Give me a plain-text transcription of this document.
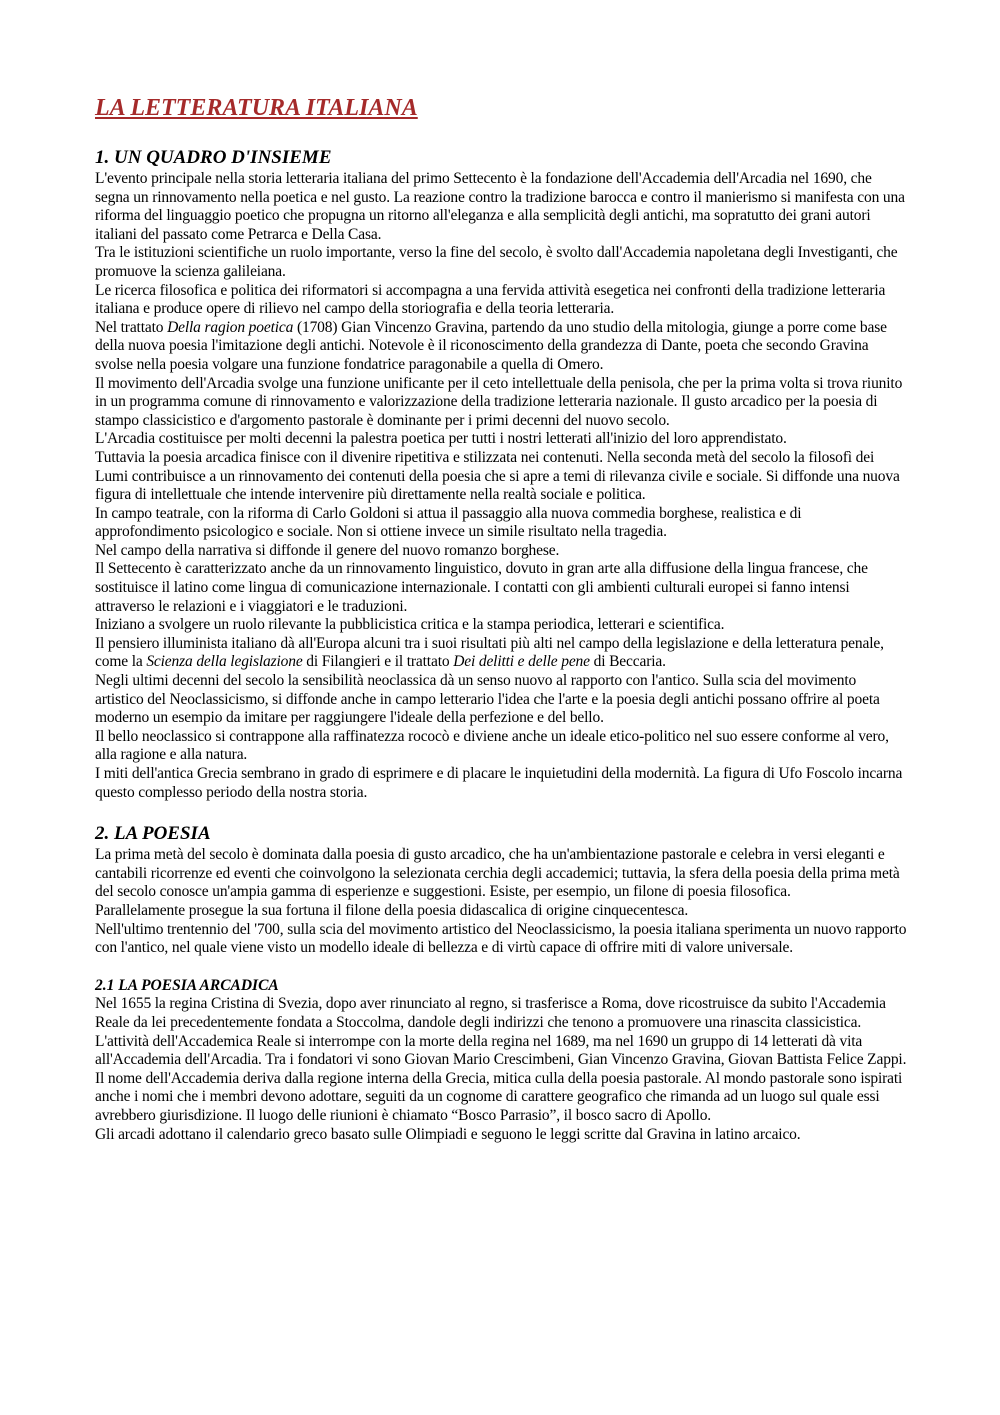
LA LETTERATURA ITALIANA
1. UN QUADRO D'INSIEME

L'evento principale nella storia letteraria italiana del primo Settecento è la fondazione dell'Accademia dell'Arcadia nel 1690, che segna un rinnovamento nella poetica e nel gusto. La reazione contro la tradizione barocca e contro il manierismo si manifesta con una riforma del linguaggio poetico che propugna un ritorno all'eleganza e alla semplicità degli antichi, ma sopratutto dei grani autori italiani del passato come Petrarca e Della Casa.

Tra le istituzioni scientifiche un ruolo importante, verso la fine del secolo, è svolto dall'Accademia napoletana degli Investiganti, che promuove la scienza galileiana.

Le ricerca filosofica e politica dei riformatori si accompagna a una fervida attività esegetica nei confronti della tradizione letteraria italiana e produce opere di rilievo nel campo della storiografia e della teoria letteraria.

Nel trattato Della ragion poetica (1708) Gian Vincenzo Gravina, partendo da uno studio della mitologia, giunge a porre come base della nuova poesia l'imitazione degli antichi. Notevole è il riconoscimento della grandezza di Dante, poeta che secondo Gravina svolse nella poesia volgare una funzione fondatrice paragonabile a quella di Omero.

Il movimento dell'Arcadia svolge una funzione unificante per il ceto intellettuale della penisola, che per la prima volta si trova riunito in un programma comune di rinnovamento e valorizzazione della tradizione letteraria nazionale. Il gusto arcadico per la poesia di stampo classicistico e d'argomento pastorale è dominante per i primi decenni del nuovo secolo.

L'Arcadia costituisce per molti decenni la palestra poetica per tutti i nostri letterati all'inizio del loro apprendistato.

Tuttavia la poesia arcadica finisce con il divenire ripetitiva e stilizzata nei contenuti. Nella seconda metà del secolo la filosofì dei Lumi contribuisce a un rinnovamento dei contenuti della poesia che si apre a temi di rilevanza civile e sociale. Si diffonde una nuova figura di intellettuale che intende intervenire più direttamente nella realtà sociale e politica.

In campo teatrale, con la riforma di Carlo Goldoni si attua il passaggio alla nuova commedia borghese, realistica e di approfondimento psicologico e sociale. Non si ottiene invece un simile risultato nella tragedia.

Nel campo della narrativa si diffonde il genere del nuovo romanzo borghese.

Il Settecento è caratterizzato anche da un rinnovamento linguistico, dovuto in gran arte alla diffusione della lingua francese, che sostituisce il latino come lingua di comunicazione internazionale. I contatti con gli ambienti culturali europei si fanno intensi attraverso le relazioni e i viaggiatori e le traduzioni.

Iniziano a svolgere un ruolo rilevante la pubblicistica critica e la stampa periodica, letterari e scientifica.

Il pensiero illuminista italiano dà all'Europa alcuni tra i suoi risultati più alti nel campo della legislazione e della letteratura penale, come la Scienza della legislazione di Filangieri e il trattato Dei delitti e delle pene di Beccaria.

Negli ultimi decenni del secolo la sensibilità neoclassica dà un senso nuovo al rapporto con l'antico. Sulla scia del movimento artistico del Neoclassicismo, si diffonde anche in campo letterario l'idea che l'arte e la poesia degli antichi possano offrire al poeta moderno un esempio da imitare per raggiungere l'ideale della perfezione e del bello.

Il bello neoclassico si contrappone alla raffinatezza rococò e diviene anche un ideale etico-politico nel suo essere conforme al vero, alla ragione e alla natura.

I miti dell'antica Grecia sembrano in grado di esprimere e di placare le inquietudini della modernità. La figura di Ufo Foscolo incarna questo complesso periodo della nostra storia.

2. LA POESIA

La prima metà del secolo è dominata dalla poesia di gusto arcadico, che ha un'ambientazione pastorale e celebra in versi eleganti e cantabili ricorrenze ed eventi che coinvolgono la selezionata cerchia degli accademici; tuttavia, la sfera della poesia della prima metà del secolo conosce un'ampia gamma di esperienze e suggestioni. Esiste, per esempio, un filone di poesia filosofica.

Parallelamente prosegue la sua fortuna il filone della poesia didascalica di origine cinquecentesca.

Nell'ultimo trentennio del '700, sulla scia del movimento artistico del Neoclassicismo, la poesia italiana sperimenta un nuovo rapporto con l'antico, nel quale viene visto un modello ideale di bellezza e di virtù capace di offrire miti di valore universale.

2.1 LA POESIA ARCADICA

Nel 1655 la regina Cristina di Svezia, dopo aver rinunciato al regno, si trasferisce a Roma, dove ricostruisce da subito l'Accademia Reale da lei precedentemente fondata a Stoccolma, dandole degli indirizzi che tenono a promuovere una rinascita classicistica.

L'attività dell'Accademica Reale si interrompe con la morte della regina nel 1689, ma nel 1690 un gruppo di 14 letterati dà vita all'Accademia dell'Arcadia. Tra i fondatori vi sono Giovan Mario Crescimbeni, Gian Vincenzo Gravina, Giovan Battista Felice Zappi.

Il nome dell'Accademia deriva dalla regione interna della Grecia, mitica culla della poesia pastorale. Al mondo pastorale sono ispirati anche i nomi che i membri devono adottare, seguiti da un cognome di carattere geografico che rimanda ad un luogo sul quale essi avrebbero giurisdizione. Il luogo delle riunioni è chiamato “Bosco Parrasio”, il bosco sacro di Apollo.

Gli arcadi adottano il calendario greco basato sulle Olimpiadi e seguono le leggi scritte dal Gravina in latino arcaico.
